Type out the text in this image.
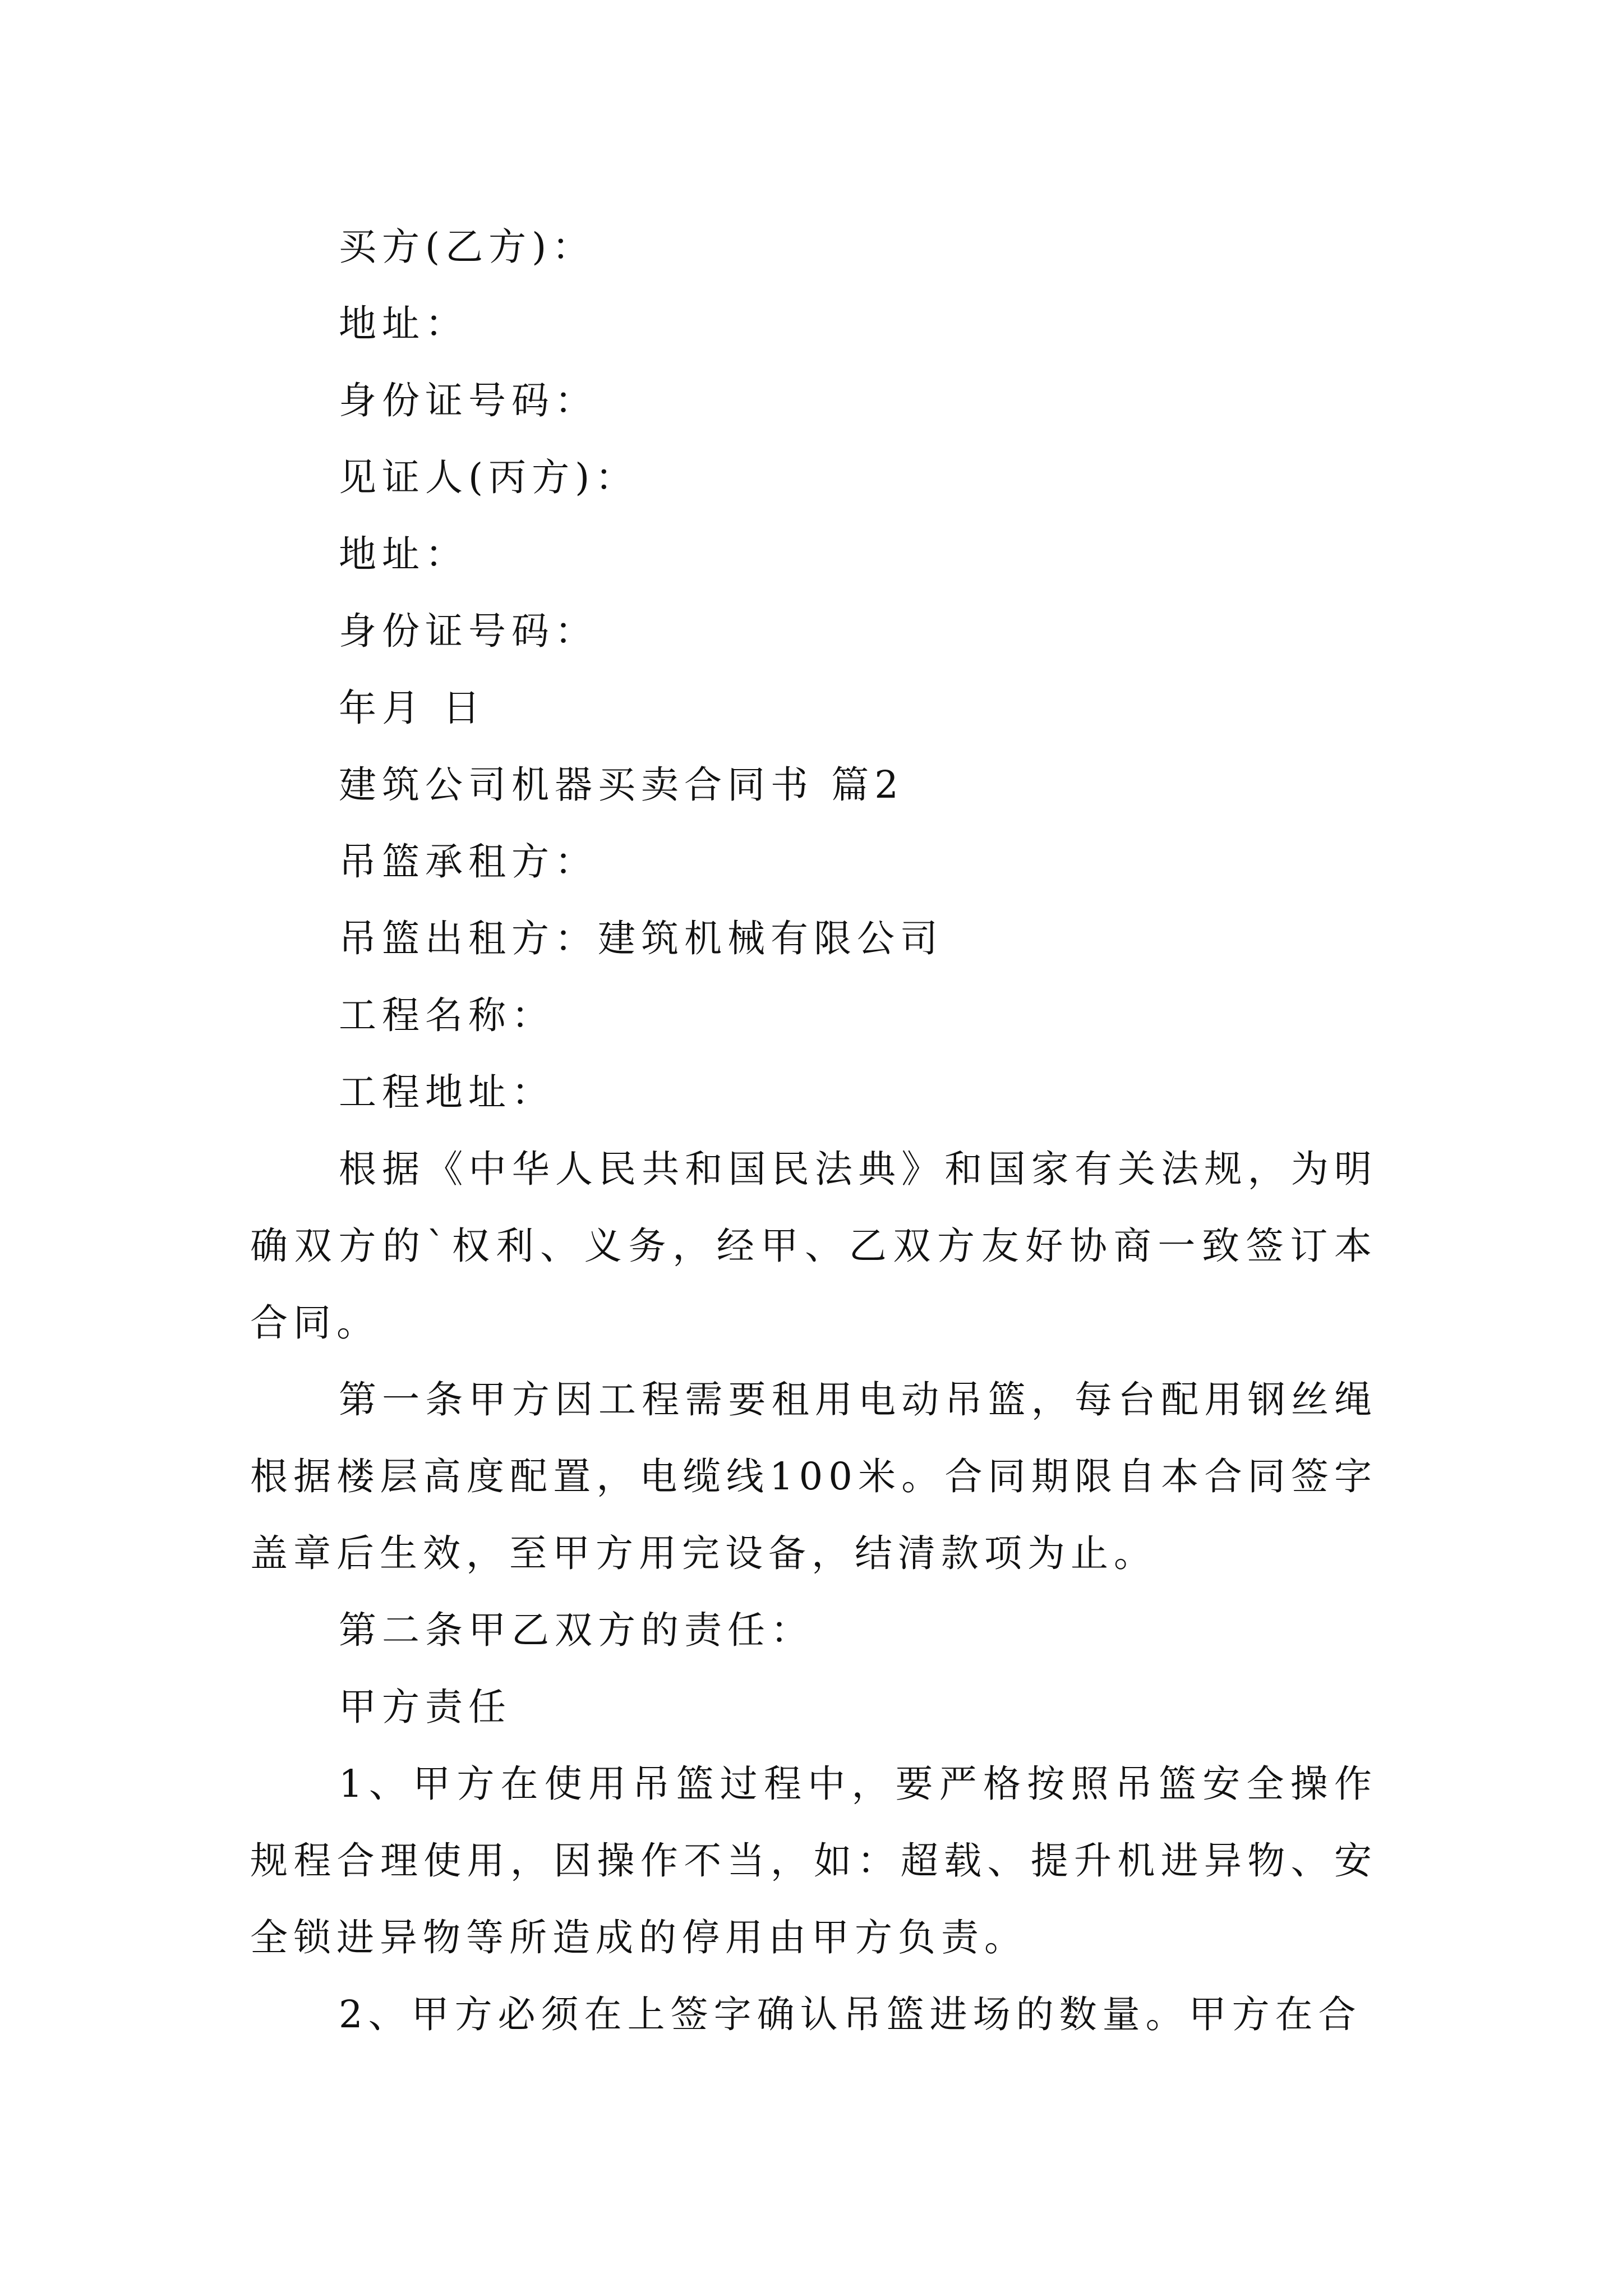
买方(乙方)：
地址：
身份证号码：
见证人(丙方)：
地址：
身份证号码：
年月 日
建筑公司机器买卖合同书 篇2
吊篮承租方：
吊篮出租方：建筑机械有限公司
工程名称：
工程地址：

根据《中华人民共和国民法典》和国家有关法规，为明确双方的`权利、义务，经甲、乙双方友好协商一致签订本合同。

第一条甲方因工程需要租用电动吊篮，每台配用钢丝绳根据楼层高度配置，电缆线100米。合同期限自本合同签字盖章后生效，至甲方用完设备，结清款项为止。

第二条甲乙双方的责任：

甲方责任

1、甲方在使用吊篮过程中，要严格按照吊篮安全操作规程合理使用，因操作不当，如：超载、提升机进异物、安全锁进异物等所造成的停用由甲方负责。

2、甲方必须在上签字确认吊篮进场的数量。甲方在合
